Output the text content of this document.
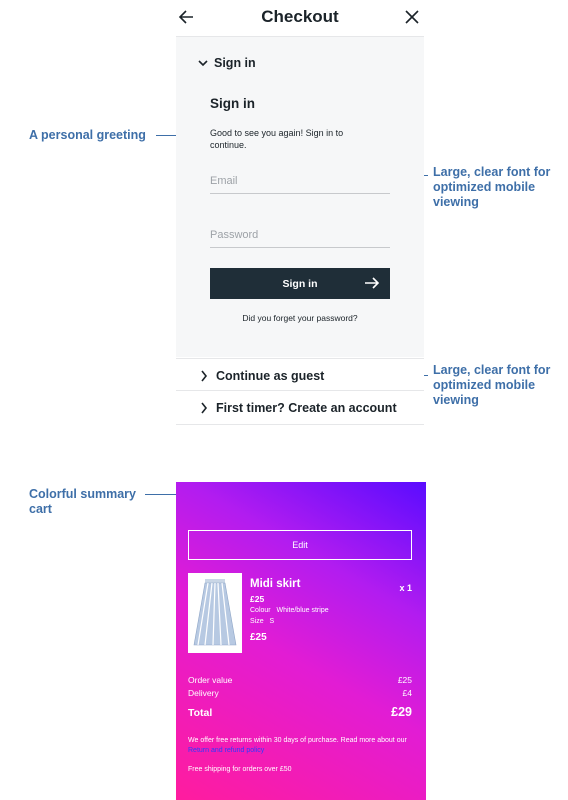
A personal greeting
Large, clear font for optimized mobile viewing
Large, clear font for optimized mobile viewing
Colorful summary cart
Checkout
Sign in
Sign in
Good to see you again! Sign in to continue.
Email
Sign in
Did you forget your password?
Continue as guest
First timer? Create an account
Edit
Midi skirt
£25
Colour White/blue stripe
Size S
£25
x 1
Order value	£25
Delivery	£4
Total	£29
We offer free returns within 30 days of purchase. Read more about our Return and refund policy
Free shipping for orders over £50
